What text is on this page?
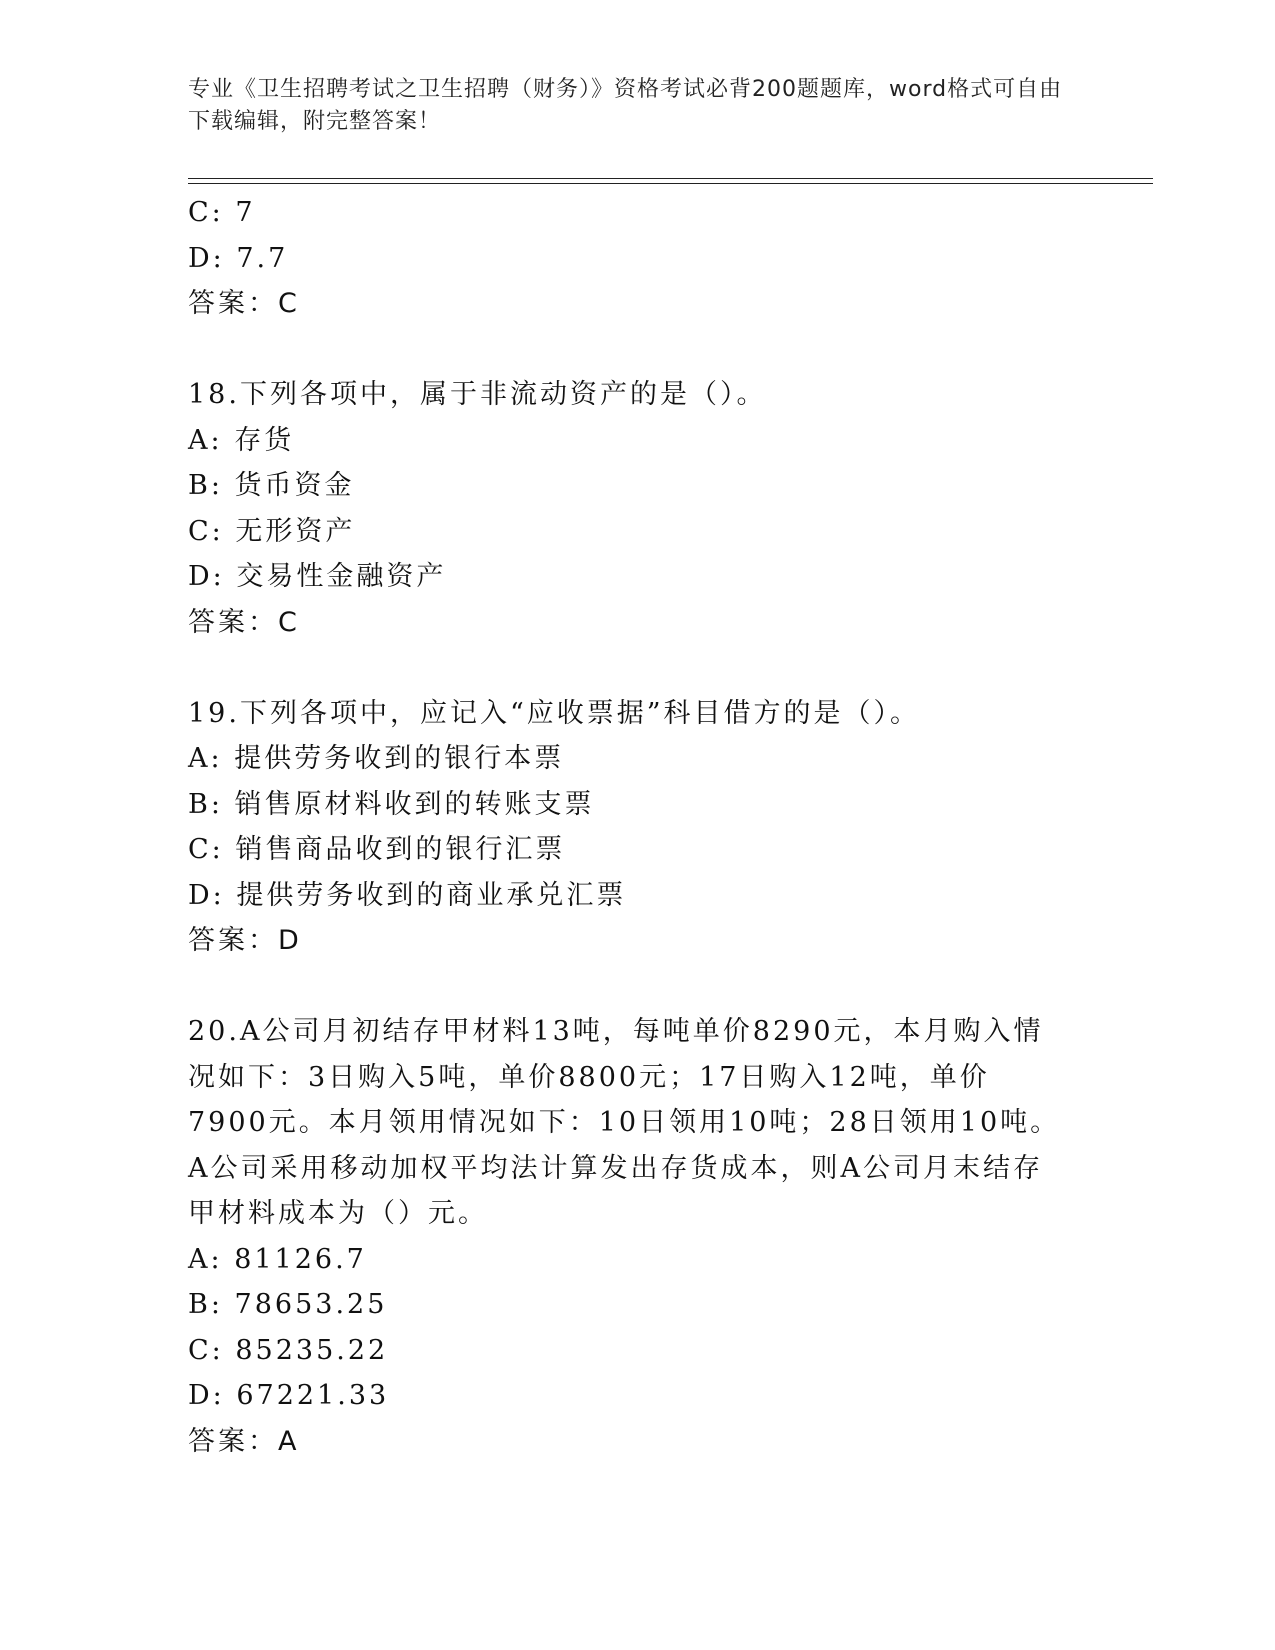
专业《卫生招聘考试之卫生招聘（财务）》资格考试必背200题题库，word格式可自由下载编辑，附完整答案！
C: 7
D: 7.7
答案：C
18.下列各项中，属于非流动资产的是（）。
A: 存货
B: 货币资金
C: 无形资产
D: 交易性金融资产
答案：C
19.下列各项中，应记入“应收票据”科目借方的是（）。
A: 提供劳务收到的银行本票
B: 销售原材料收到的转账支票
C: 销售商品收到的银行汇票
D: 提供劳务收到的商业承兑汇票
答案：D
20.A公司月初结存甲材料13吨，每吨单价8290元，本月购入情况如下：3日购入5吨，单价8800元；17日购入12吨，单价7900元。本月领用情况如下：10日领用10吨；28日领用10吨。A公司采用移动加权平均法计算发出存货成本，则A公司月末结存甲材料成本为（）元。
A: 81126.7
B: 78653.25
C: 85235.22
D: 67221.33
答案：A
